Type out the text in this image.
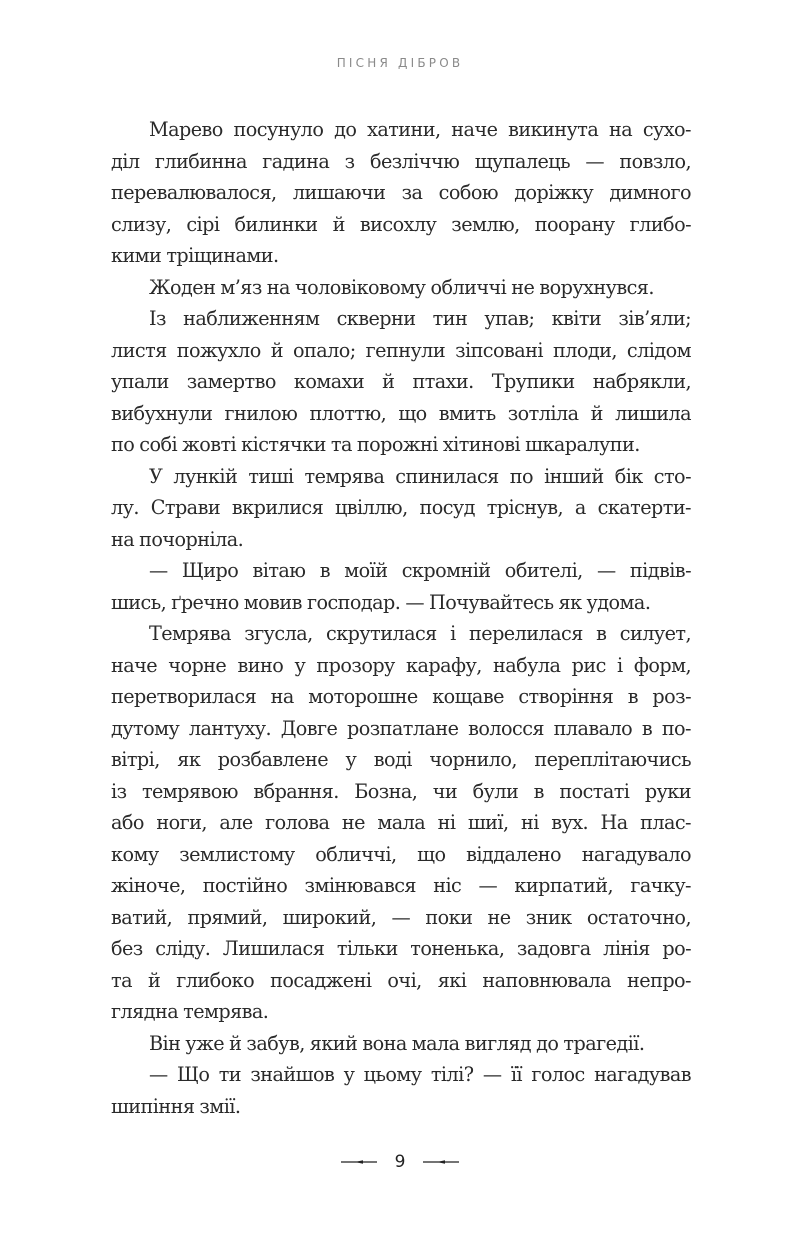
ПІСНЯ ДІБРОВ
Марево посунуло до хатини, наче викинута на сухо-
діл глибинна гадина з безліччю щупалець — повзло,
перевалювалося, лишаючи за собою доріжку димного
слизу, сірі билинки й висохлу землю, поорану глибо-
кими тріщинами.
Жоден м’яз на чоловіковому обличчі не ворухнувся.
Із наближенням скверни тин упав; квіти зів’яли;
листя пожухло й опало; гепнули зіпсовані плоди, слідом
упали замертво комахи й птахи. Трупики набрякли,
вибухнули гнилою плоттю, що вмить зотліла й лишила
по собі жовті кістячки та порожні хітинові шкаралупи.
У лункій тиші темрява спинилася по інший бік сто-
лу. Страви вкрилися цвіллю, посуд тріснув, а скатерти-
на почорніла.
— Щиро вітаю в моїй скромній обителі, — підвів-
шись, ґречно мовив господар. — Почувайтесь як удома.
Темрява згусла, скрутилася і перелилася в силует,
наче чорне вино у прозору карафу, набула рис і форм,
перетворилася на моторошне кощаве створіння в роз-
дутому лантуху. Довге розпатлане волосся плавало в по-
вітрі, як розбавлене у воді чорнило, переплітаючись
із темрявою вбрання. Бозна, чи були в постаті руки
або ноги, але голова не мала ні шиї, ні вух. На плас-
кому землистому обличчі, що віддалено нагадувало
жіноче, постійно змінювався ніс — кирпатий, гачку-
ватий, прямий, широкий, — поки не зник остаточно,
без сліду. Лишилася тільки тоненька, задовга лінія ро-
та й глибоко посаджені очі, які наповнювала непро-
глядна темрява.
Він уже й забув, який вона мала вигляд до трагедії.
— Що ти знайшов у цьому тілі? — її голос нагадував
шипіння змії.
9
